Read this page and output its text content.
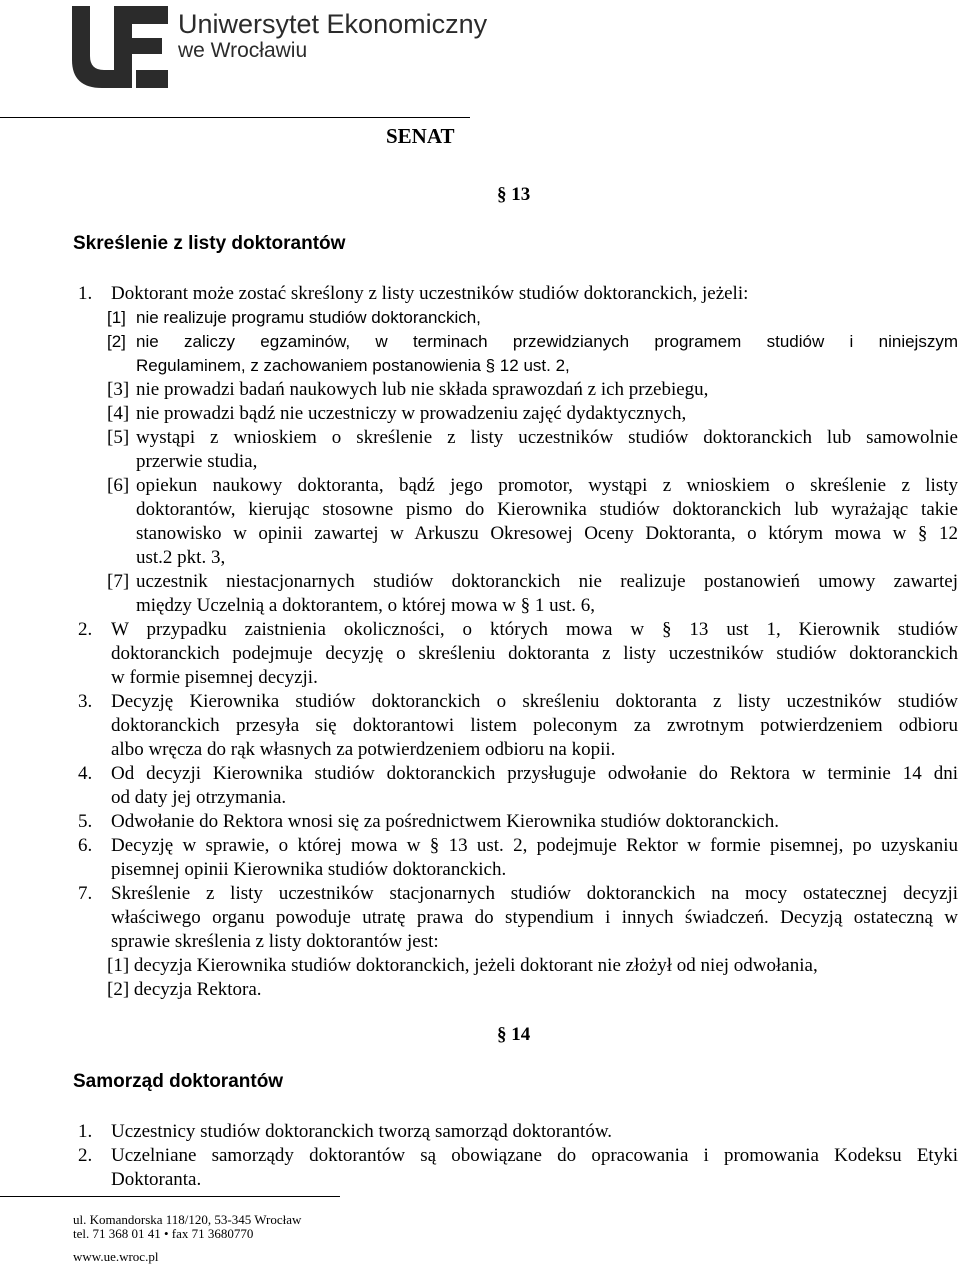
Uniwersytet Ekonomiczny
we Wrocławiu
SENAT
§ 13
Skreślenie z listy doktorantów
1. Doktorant może zostać skreślony z listy uczestników studiów doktoranckich, jeżeli:
[1] nie realizuje programu studiów doktoranckich,
[2] nie zaliczy egzaminów, w terminach przewidzianych programem studiów i niniejszym
Regulaminem, z zachowaniem postanowienia § 12 ust. 2,
[3] nie prowadzi badań naukowych lub nie składa sprawozdań z ich przebiegu,
[4] nie prowadzi bądź nie uczestniczy w prowadzeniu zajęć dydaktycznych,
[5] wystąpi z wnioskiem o skreślenie z listy uczestników studiów doktoranckich lub samowolnie
przerwie studia,
[6] opiekun naukowy doktoranta, bądź jego promotor, wystąpi z wnioskiem o skreślenie z listy
doktorantów, kierując stosowne pismo do Kierownika studiów doktoranckich lub wyrażając takie
stanowisko w opinii zawartej w Arkuszu Okresowej Oceny Doktoranta, o którym mowa w § 12
ust.2 pkt. 3,
[7] uczestnik niestacjonarnych studiów doktoranckich nie realizuje postanowień umowy zawartej
między Uczelnią a doktorantem, o której mowa w § 1 ust. 6,
2. W przypadku zaistnienia okoliczności, o których mowa w § 13 ust 1, Kierownik studiów
doktoranckich podejmuje decyzję o skreśleniu doktoranta z listy uczestników studiów doktoranckich
w formie pisemnej decyzji.
3. Decyzję Kierownika studiów doktoranckich o skreśleniu doktoranta z listy uczestników studiów
doktoranckich przesyła się doktorantowi listem poleconym za zwrotnym potwierdzeniem odbioru
albo wręcza do rąk własnych za potwierdzeniem odbioru na kopii.
4. Od decyzji Kierownika studiów doktoranckich przysługuje odwołanie do Rektora w terminie 14 dni
od daty jej otrzymania.
5. Odwołanie do Rektora wnosi się za pośrednictwem Kierownika studiów doktoranckich.
6. Decyzję w sprawie, o której mowa w § 13 ust. 2, podejmuje Rektor w formie pisemnej, po uzyskaniu
pisemnej opinii Kierownika studiów doktoranckich.
7. Skreślenie z listy uczestników stacjonarnych studiów doktoranckich na mocy ostatecznej decyzji
właściwego organu powoduje utratę prawa do stypendium i innych świadczeń. Decyzją ostateczną w
sprawie skreślenia z listy doktorantów jest:
[1] decyzja Kierownika studiów doktoranckich, jeżeli doktorant nie złożył od niej odwołania,
[2] decyzja Rektora.
§ 14
Samorząd doktorantów
1. Uczestnicy studiów doktoranckich tworzą samorząd doktorantów.
2. Uczelniane samorządy doktorantów są obowiązane do opracowania i promowania Kodeksu Etyki
Doktoranta.
ul. Komandorska 118/120, 53-345 Wrocław
tel. 71 368 01 41 • fax 71 3680770
www.ue.wroc.pl
